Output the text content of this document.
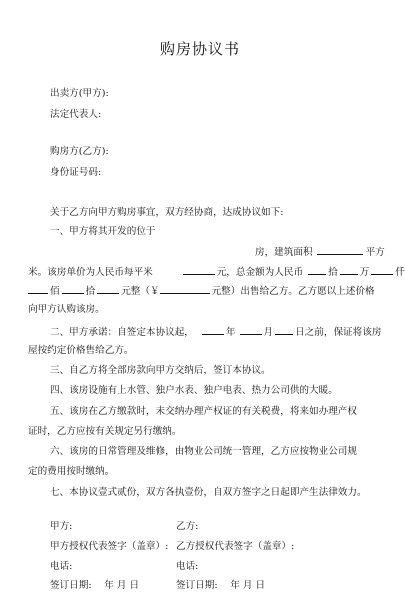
购房协议书
出卖方(甲方):
法定代表人:
购房方(乙方):
身份证号码:
关于乙方向甲方购房事宜，双方经协商，达成协议如下:
一、甲方将其开发的位于
房，建筑面积	平方
米。该房单价为人民币每平米	元，总金额为人民币	拾 万	仟
佰	拾	元整（￥	元整）出售给乙方。乙方愿以上述价格
向甲方认购该房。
二、甲方承诺：自签定本协议起，	年	月 日之前，保证将该房
屋按约定价格售给乙方。
三、自乙方将全部房款向甲方交纳后，签订本协议。
四、该房设施有上水管、独户水表、独户电表、热力公司供的大暖。
五、该房在乙方缴款时，未交纳办理产权证的有关税费，将来如办理产权
证时，乙方应按有关规定另行缴纳。
六、该房的日常管理及维修，由物业公司统一管理，乙方应按物业公司规
定的费用按时缴纳。
七、本协议壹式贰份，双方各执壹份，自双方签字之日起即产生法律效力。
甲方:	乙方:
甲方授权代表签字（盖章）: 乙方授权代表签字（盖章）:
电话:	电话:
签订日期:　 年 月 日	签订日期:　 年 月 日
